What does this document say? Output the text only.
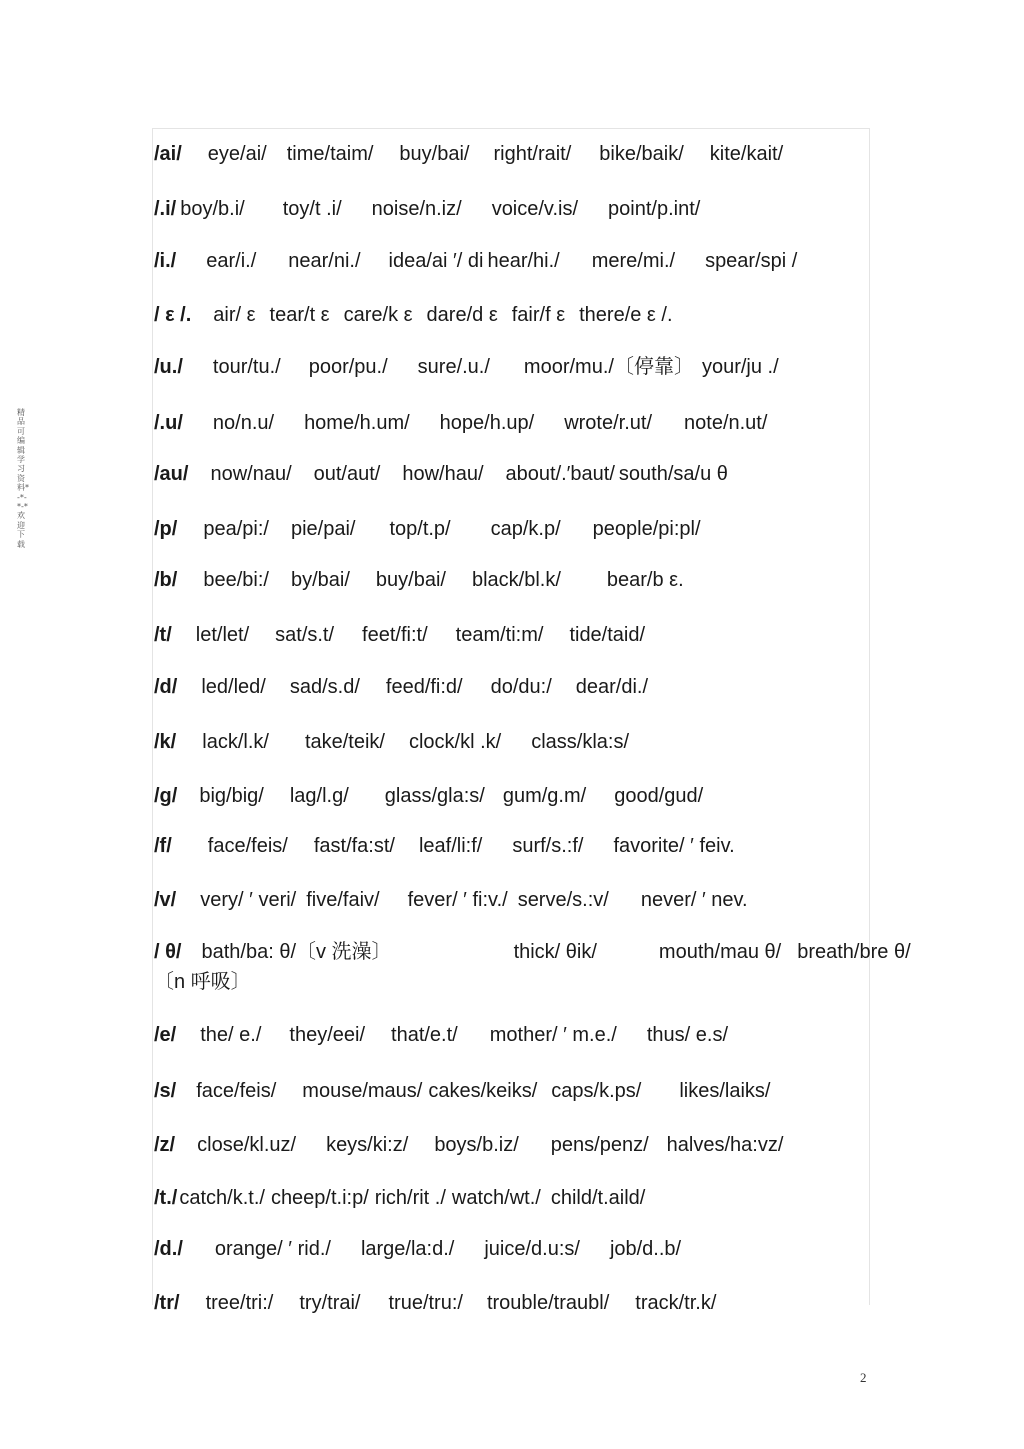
精品可编辑学习资料*-*-*-*欢迎下载
/ai/ eye/ai/ time/taim/ buy/bai/ right/rait/ bike/baik/ kite/kait/
/.i/ boy/b.i/ toy/t .i/ noise/n.iz/ voice/v.is/ point/p.int/
/i./ ear/i./ near/ni./ idea/ai ′/ di hear/hi./ mere/mi./ spear/spi /
/ ε /. air/ ε tear/t ε care/k ε dare/d ε fair/f ε there/e ε /.
/u./ tour/tu./ poor/pu./ sure/.u./ moor/mu./〔停靠〕 your/ju ./
/.u/ no/n.u/ home/h.um/ hope/h.up/ wrote/r.ut/ note/n.ut/
/au/ now/nau/ out/aut/ how/hau/ about/.′baut/ south/sa/u θ
/p/ pea/pi:/ pie/pai/ top/t.p/ cap/k.p/ people/pi:pl/
/b/ bee/bi:/ by/bai/ buy/bai/ black/bl.k/ bear/b ε.
/t/ let/let/ sat/s.t/ feet/fi:t/ team/ti:m/ tide/taid/
/d/ led/led/ sad/s.d/ feed/fi:d/ do/du:/ dear/di./
/k/ lack/l.k/ take/teik/ clock/kl .k/ class/kla:s/
/g/ big/big/ lag/l.g/ glass/gla:s/ gum/g.m/ good/gud/
/f/ face/feis/ fast/fa:st/ leaf/li:f/ surf/s.:f/ favorite/ ′ feiv.
/v/ very/ ′ veri/ five/faiv/ fever/ ′ fi:v./ serve/s.:v/ never/ ′ nev.
/ θ/ bath/ba: θ/〔v 洗澡〕	thick/ θik/	mouth/mau θ/ breath/bre θ/
〔n 呼吸〕
/e/ the/ e./ they/eei/ that/e.t/ mother/ ′ m.e./ thus/ e.s/
/s/ face/feis/ mouse/maus/ cakes/keiks/ caps/k.ps/ likes/laiks/
/z/ close/kl.uz/ keys/ki:z/ boys/b.iz/ pens/penz/ halves/ha:vz/
/t./ catch/k.t./ cheep/t.i:p/ rich/rit ./ watch/wt./ child/t.aild/
/d./ orange/ ′ rid./ large/la:d./ juice/d.u:s/ job/d..b/
/tr/ tree/tri:/ try/trai/ true/tru:/ trouble/traubl/ track/tr.k/
2
